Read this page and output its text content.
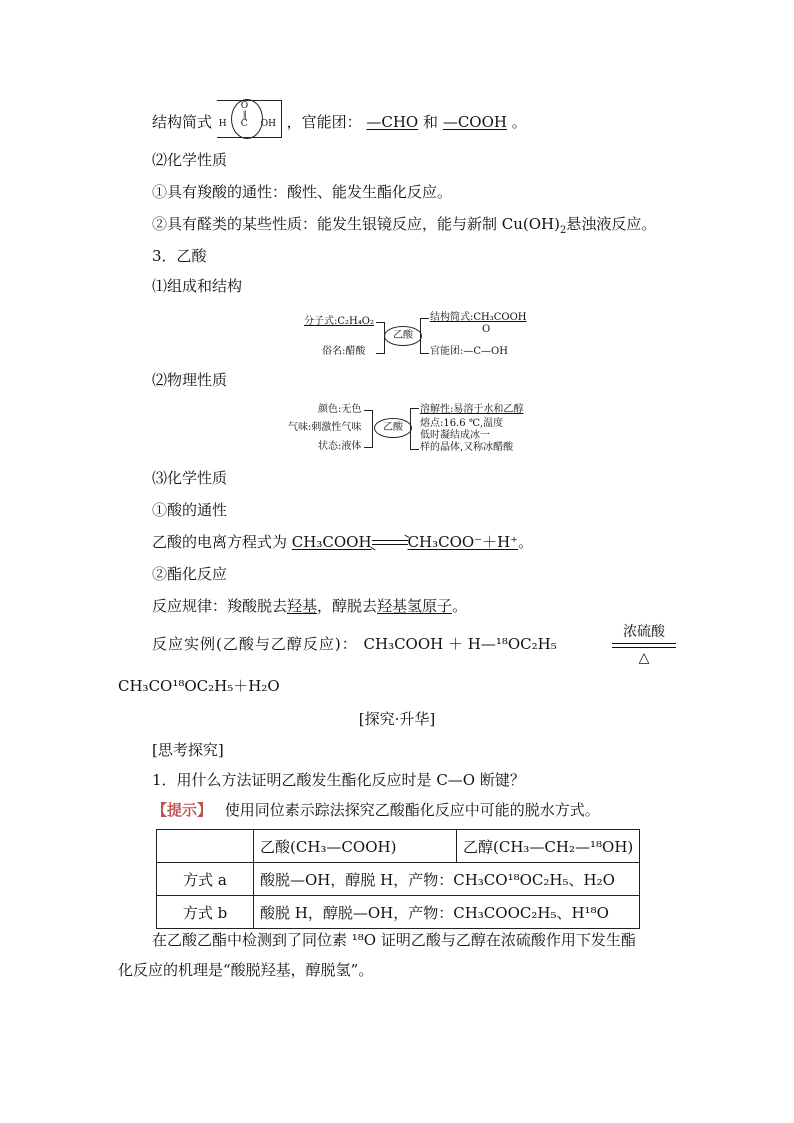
结构简式
O
‖
H C OH ，官能团： —CHO 和 —COOH 。
⑵化学性质
①具有羧酸的通性：酸性、能发生酯化反应。
②具有醛类的某些性质：能发生银镜反应，能与新制 $Cu(OH)_2$悬浊液反应。
3．乙酸
⑴组成和结构
分子式:C₂H₄O₂
俗名:醋酸
乙酸
结构简式:CH₃COOH
O
官能团:—C—OH
⑵物理性质
颜色:无色
气味:刺激性气味
状态:液体
乙酸
溶解性:易溶于水和乙醇
熔点:16.6 ℃,温度
低时凝结成冰一
样的晶体,又称冰醋酸
⑶化学性质
①酸的通性
乙酸的电离方程式为 CH₃COOH⇌CH₃COO⁻＋H⁺。
②酯化反应
反应规律：羧酸脱去羟基，醇脱去羟基氢原子。
反应实例(乙酸与乙醇反应)： CH₃COOH ＋ H—¹⁸OC₂H₅
浓硫酸
△
CH₃CO¹⁸OC₂H₅＋H₂O
[探究·升华]
[思考探究]
1．用什么方法证明乙酸发生酯化反应时是 C—O 断键？
【提示】 使用同位素示踪法探究乙酸酯化反应中可能的脱水方式。
	乙酸(CH₃—COOH)	乙醇(CH₃—CH₂—¹⁸OH)
方式 a	酸脱—OH，醇脱 H，产物：CH₃CO¹⁸OC₂H₅、H₂O	
方式 b	酸脱 H，醇脱—OH，产物：CH₃COOC₂H₅、H¹⁸O	
在乙酸乙酯中检测到了同位素 ¹⁸O 证明乙酸与乙醇在浓硫酸作用下发生酯
化反应的机理是“酸脱羟基，醇脱氢”。
